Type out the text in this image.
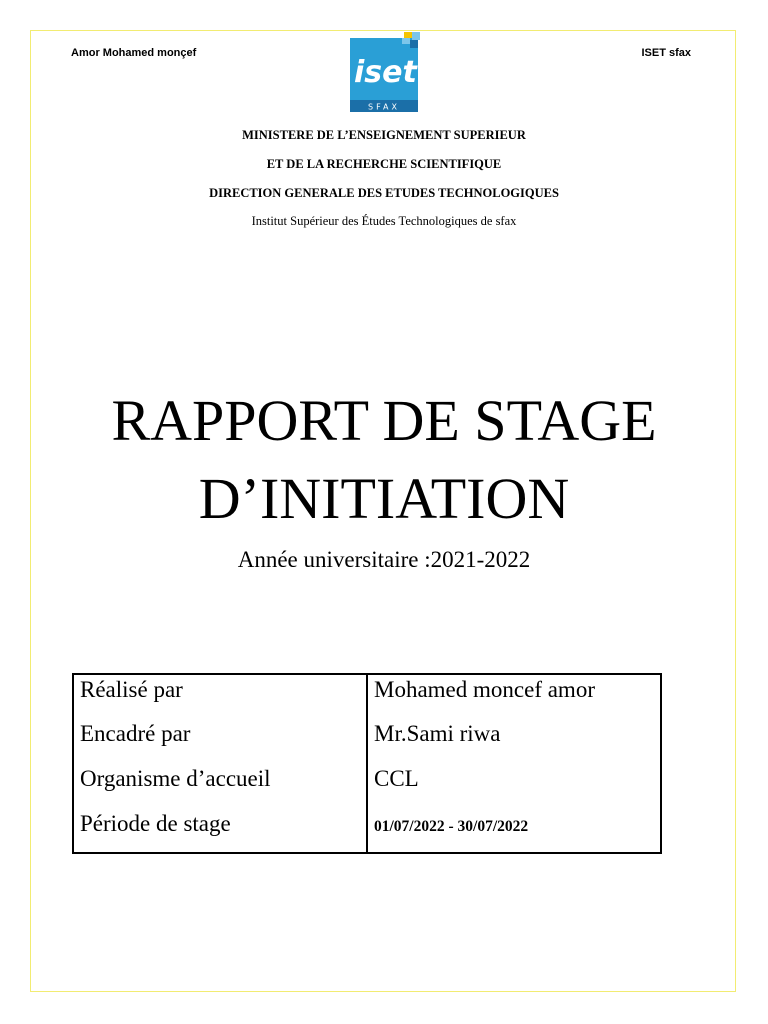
Amor Mohamed monçef	ISET sfax
iset
SFAX
MINISTERE DE L’ENSEIGNEMENT SUPERIEUR
ET DE LA RECHERCHE SCIENTIFIQUE
DIRECTION GENERALE DES ETUDES TECHNOLOGIQUES
Institut Supérieur des Études Technologiques de sfax
RAPPORT DE STAGE
D’INITIATION
Année universitaire :2021-2022
Réalisé par	Mohamed moncef amor
Encadré par	Mr.Sami riwa
Organisme d’accueil	CCL
Période de stage	01/07/2022 - 30/07/2022
